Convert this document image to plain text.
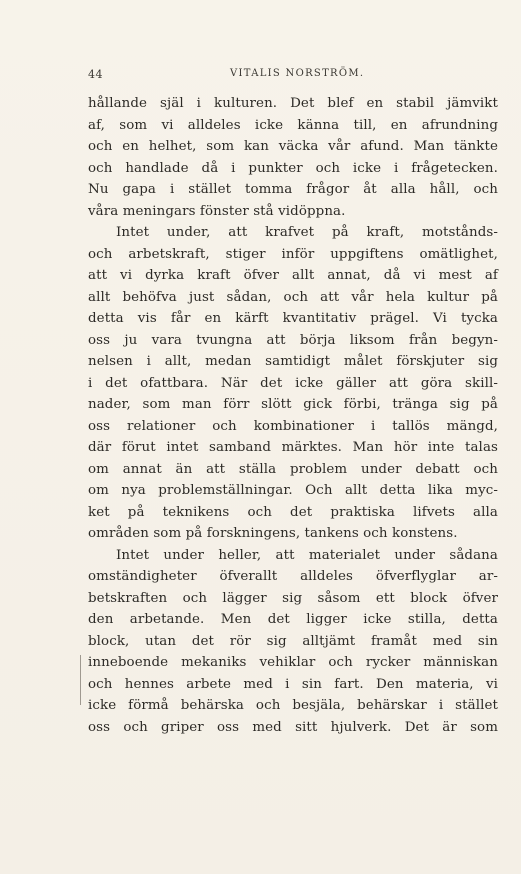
44	VITALIS NORSTRÖM.
hållande själ i kulturen. Det blef en stabil jämvikt
af, som vi alldeles icke känna till, en afrundning
och en helhet, som kan väcka vår afund. Man tänkte
och handlade då i punkter och icke i frågetecken.
Nu gapa i stället tomma frågor åt alla håll, och
våra meningars fönster stå vidöppna.
Intet under, att krafvet på kraft, motstånds-
och arbetskraft, stiger inför uppgiftens omätlighet,
att vi dyrka kraft öfver allt annat, då vi mest af
allt behöfva just sådan, och att vår hela kultur på
detta vis får en kärft kvantitativ prägel. Vi tycka
oss ju vara tvungna att börja liksom från begyn-
nelsen i allt, medan samtidigt målet förskjuter sig
i det ofattbara. När det icke gäller att göra skill-
nader, som man förr slött gick förbi, tränga sig på
oss relationer och kombinationer i tallös mängd,
där förut intet samband märktes. Man hör inte talas
om annat än att ställa problem under debatt och
om nya problemställningar. Och allt detta lika myc-
ket på teknikens och det praktiska lifvets alla
områden som på forskningens, tankens och konstens.
Intet under heller, att materialet under sådana
omständigheter öfverallt alldeles öfverflyglar ar-
betskraften och lägger sig såsom ett block öfver
den arbetande. Men det ligger icke stilla, detta
block, utan det rör sig alltjämt framåt med sin
inneboende mekaniks vehiklar och rycker människan
och hennes arbete med i sin fart. Den materia, vi
icke förmå behärska och besjäla, behärskar i stället
oss och griper oss med sitt hjulverk. Det är som
